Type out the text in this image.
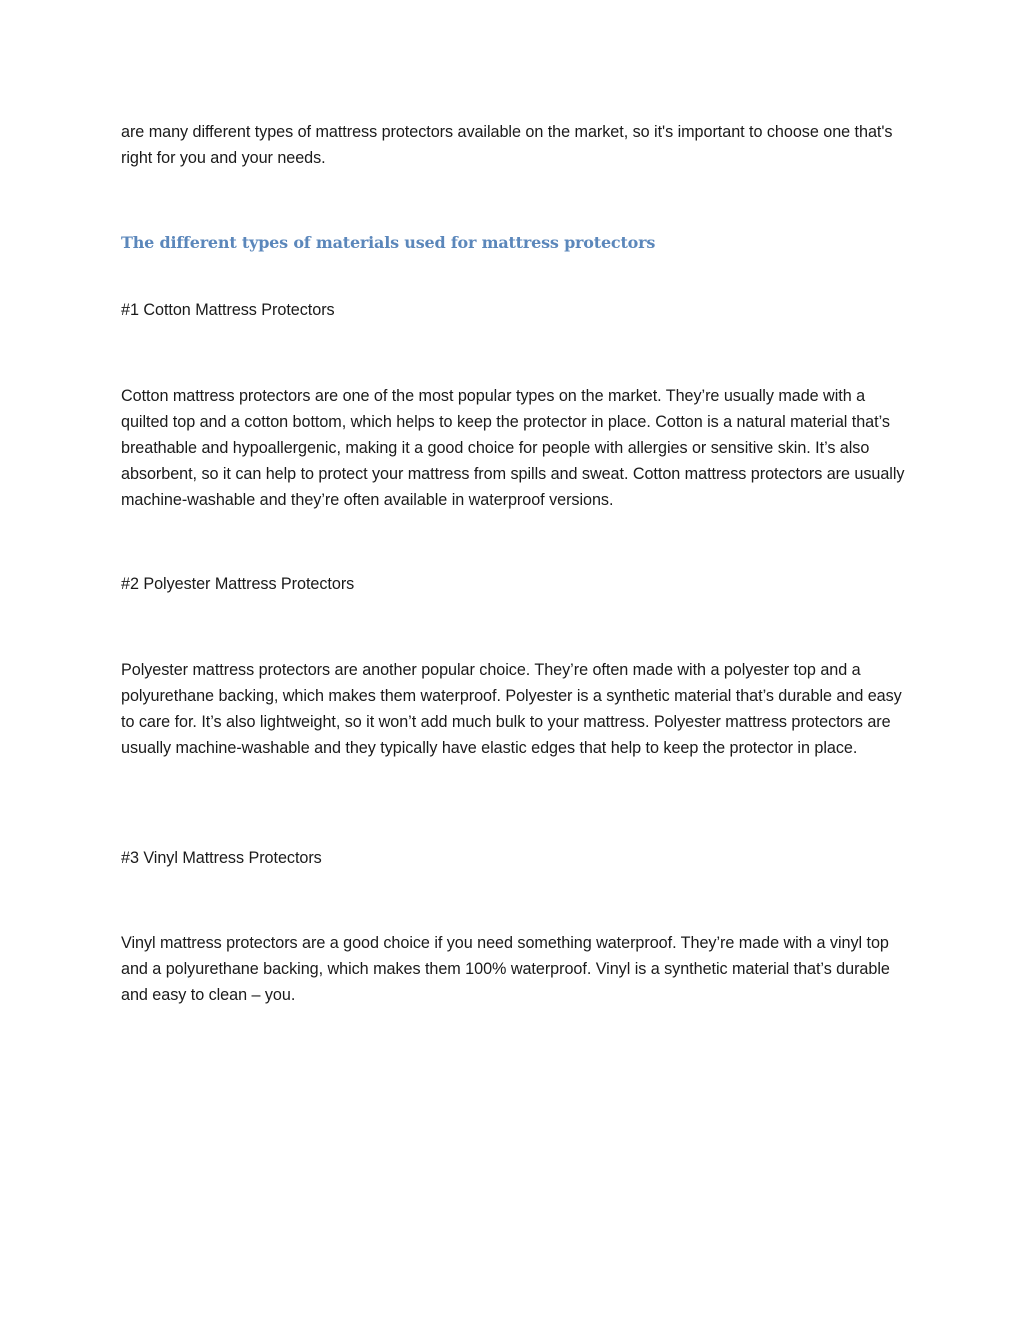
are many different types of mattress protectors available on the market, so it's important to choose one that's right for you and your needs.

The different types of materials used for mattress protectors

#1 Cotton Mattress Protectors

Cotton mattress protectors are one of the most popular types on the market. They’re usually made with a quilted top and a cotton bottom, which helps to keep the protector in place. Cotton is a natural material that’s breathable and hypoallergenic, making it a good choice for people with allergies or sensitive skin. It’s also absorbent, so it can help to protect your mattress from spills and sweat. Cotton mattress protectors are usually machine-washable and they’re often available in waterproof versions.

#2 Polyester Mattress Protectors

Polyester mattress protectors are another popular choice. They’re often made with a polyester top and a polyurethane backing, which makes them waterproof. Polyester is a synthetic material that’s durable and easy to care for. It’s also lightweight, so it won’t add much bulk to your mattress. Polyester mattress protectors are usually machine-washable and they typically have elastic edges that help to keep the protector in place.

#3 Vinyl Mattress Protectors

Vinyl mattress protectors are a good choice if you need something waterproof. They’re made with a vinyl top and a polyurethane backing, which makes them 100% waterproof. Vinyl is a synthetic material that’s durable and easy to clean – you.
